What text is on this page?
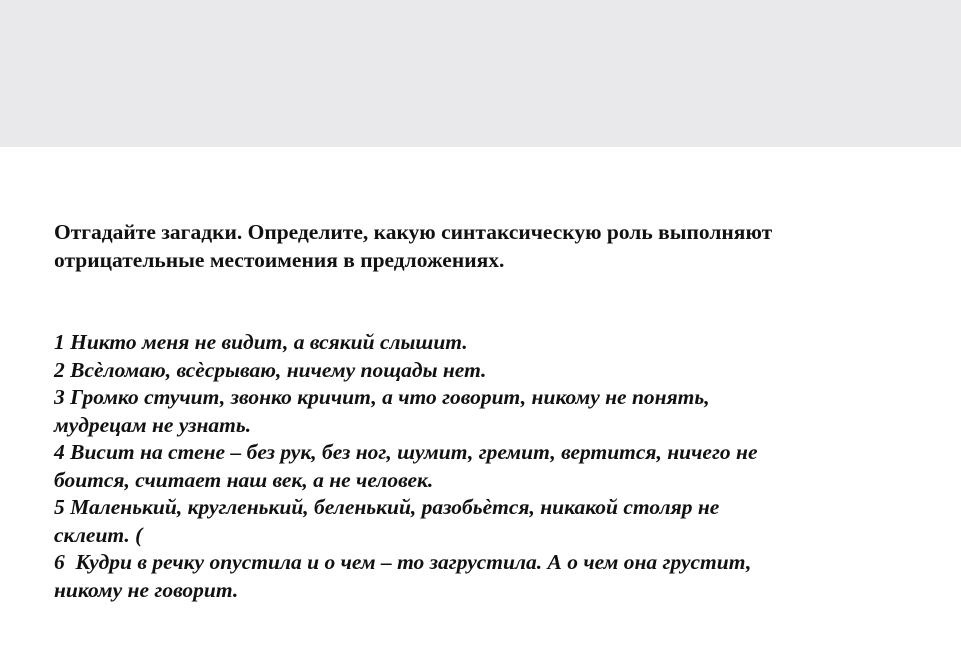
Отгадайте загадки. Определите, какую синтаксическую роль выполняют

отрицательные местоимения в предложениях.

1 Никто меня не видит, а всякий слышит.

2 Всѐломаю, всѐсрываю, ничему пощады нет.

3 Громко стучит, звонко кричит, а что говорит, никому не понять,

мудрецам не узнать.

4 Висит на стене – без рук, без ног, шумит, гремит, вертится, ничего не

боится, считает наш век, а не человек.

5 Маленький, кругленький, беленький, разобьѐтся, никакой столяр не

склеит. (

6  Кудри в речку опустила и о чем – то загрустила. А о чем она грустит,

никому не говорит.
